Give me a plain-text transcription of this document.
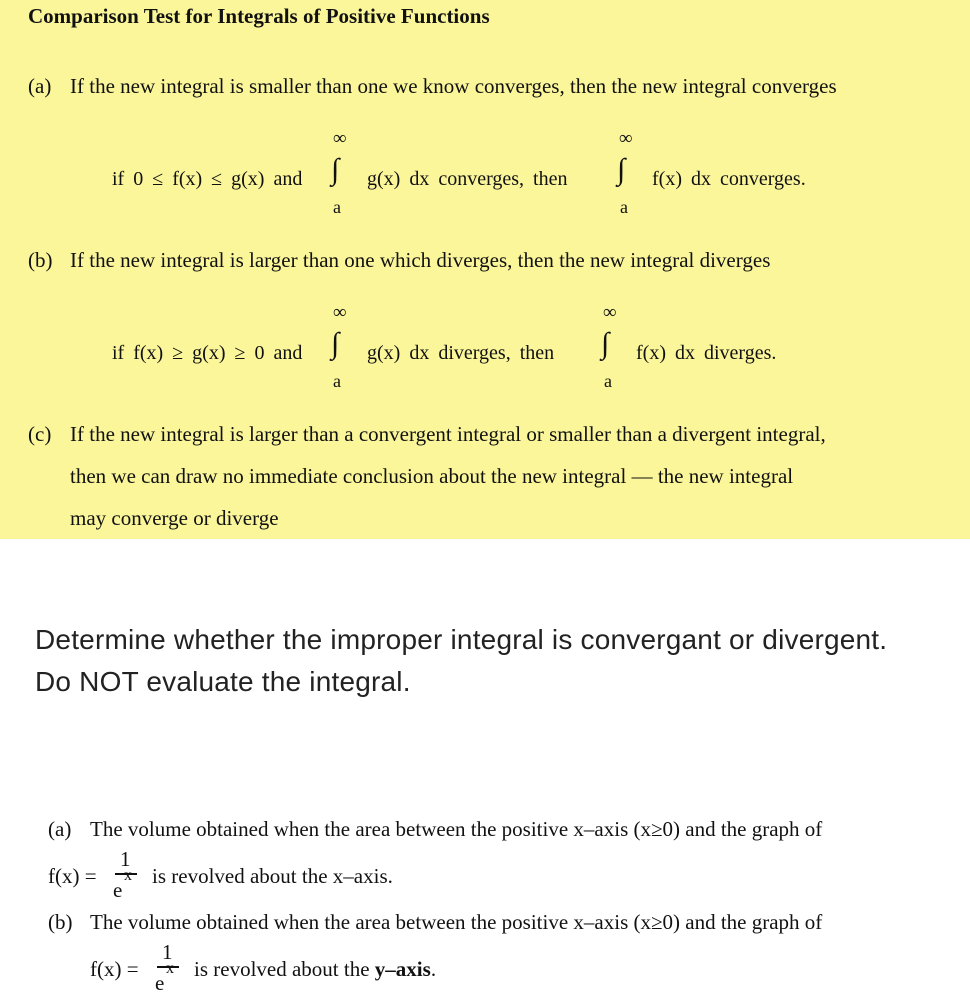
Comparison Test for Integrals of Positive Functions
(a) If the new integral is smaller than one we know converges, then the new integral converges
if 0 ≤ f(x) ≤ g(x) and
∞
∫
a
g(x) dx converges, then
∞
∫
a
f(x) dx converges.
(b) If the new integral is larger than one which diverges, then the new integral diverges
if f(x) ≥ g(x) ≥ 0 and
∞
∫
a
g(x) dx diverges, then
∞
∫
a
f(x) dx diverges.
(c) If the new integral is larger than a convergent integral or smaller than a divergent integral,
then we can draw no immediate conclusion about the new integral — the new integral
may converge or diverge
Determine whether the improper integral is convergant or divergent.
Do NOT evaluate the integral.
(a) The volume obtained when the area between the positive x–axis (x≥0) and the graph of
f(x) =
1
e
x is revolved about the x–axis.
(b) The volume obtained when the area between the positive x–axis (x≥0) and the graph of
f(x) =
1
e
x is revolved about the y–axis.
